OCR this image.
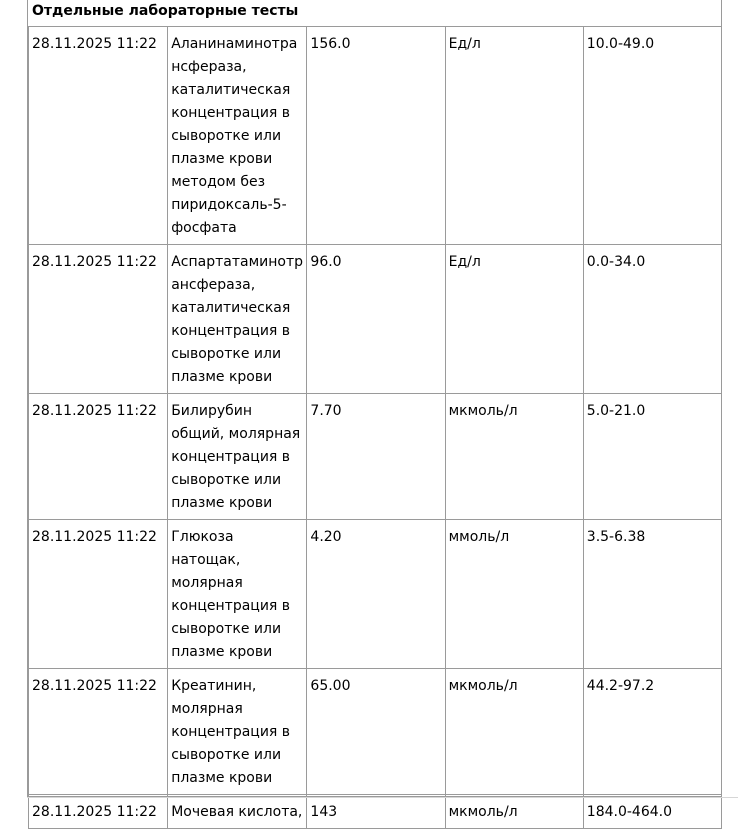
Отдельные лабораторные тесты
28.11.2025 11:22	Аланинаминотра нсфераза, каталитическая концентрация в сыворотке или плазме крови методом без пиридоксаль-5-фосфата	156.0	Ед/л	10.0-49.0
28.11.2025 11:22	Аспартатаминотр ансфераза, каталитическая концентрация в сыворотке или плазме крови	96.0	Ед/л	0.0-34.0
28.11.2025 11:22	Билирубин общий, молярная концентрация в сыворотке или плазме крови	7.70	мкмоль/л	5.0-21.0
28.11.2025 11:22	Глюкоза натощак, молярная концентрация в сыворотке или плазме крови	4.20	ммоль/л	3.5-6.38
28.11.2025 11:22	Креатинин, молярная концентрация в сыворотке или плазме крови	65.00	мкмоль/л	44.2-97.2
28.11.2025 11:22	Мочевая кислота,	143	мкмоль/л	184.0-464.0
